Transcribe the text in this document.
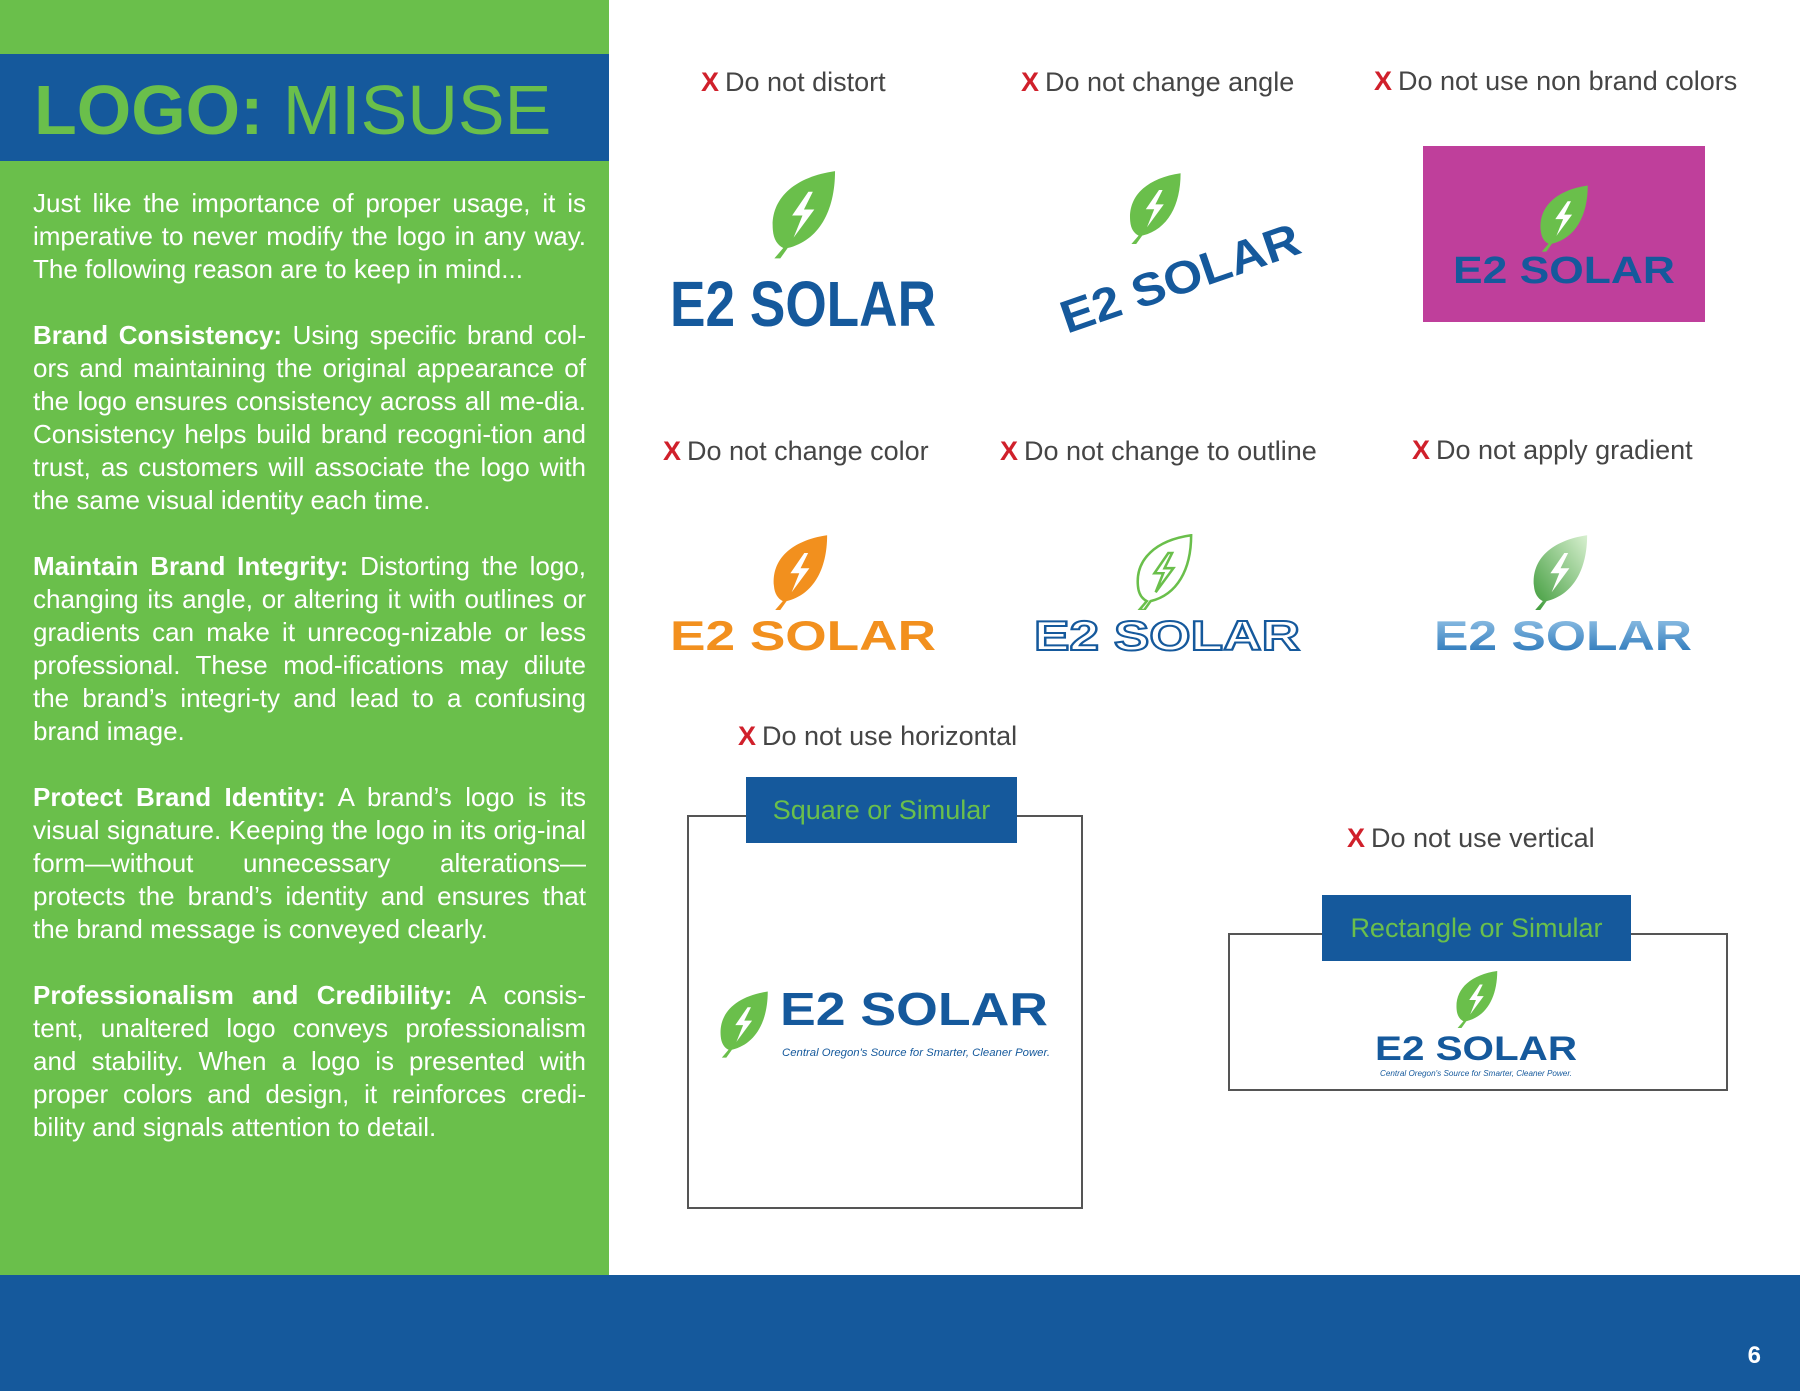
LOGO: MISUSE

Just like the importance of proper usage, it is imperative to never modify the logo in any way. The following reason are to keep in mind...

Brand Consistency: Using specific brand col-ors and maintaining the original appearance of the logo ensures consistency across all me-dia. Consistency helps build brand recogni-tion and trust, as customers will associate the logo with the same visual identity each time.

Maintain Brand Integrity: Distorting the logo, changing its angle, or altering it with outlines or gradients can make it unrecog-nizable or less professional. These mod-ifications may dilute the brand’s integri-ty and lead to a confusing brand image.

Protect Brand Identity: A brand’s logo is its visual signature. Keeping the logo in its orig-inal form—without unnecessary alterations—protects the brand’s identity and ensures that the brand message is conveyed clearly.

Professionalism and Credibility: A consis-tent, unaltered logo conveys professionalism and stability. When a logo is presented with proper colors and design, it reinforces credi-bility and signals attention to detail.

X Do not distort	X Do not change angle	X Do not use non brand colors
E2 SOLAR	E2 SOLAR	E2 SOLAR
X Do not change color	X Do not change to outline	X Do not apply gradient
E2 SOLAR E2 SOLAR	E2 SOLAR
X Do not use horizontal
Square or Simular
E2 SOLAR
Central Oregon's Source for Smarter, Cleaner Power.
X Do not use vertical
Rectangle or Simular
E2 SOLAR
Central Oregon's Source for Smarter, Cleaner Power.
6
